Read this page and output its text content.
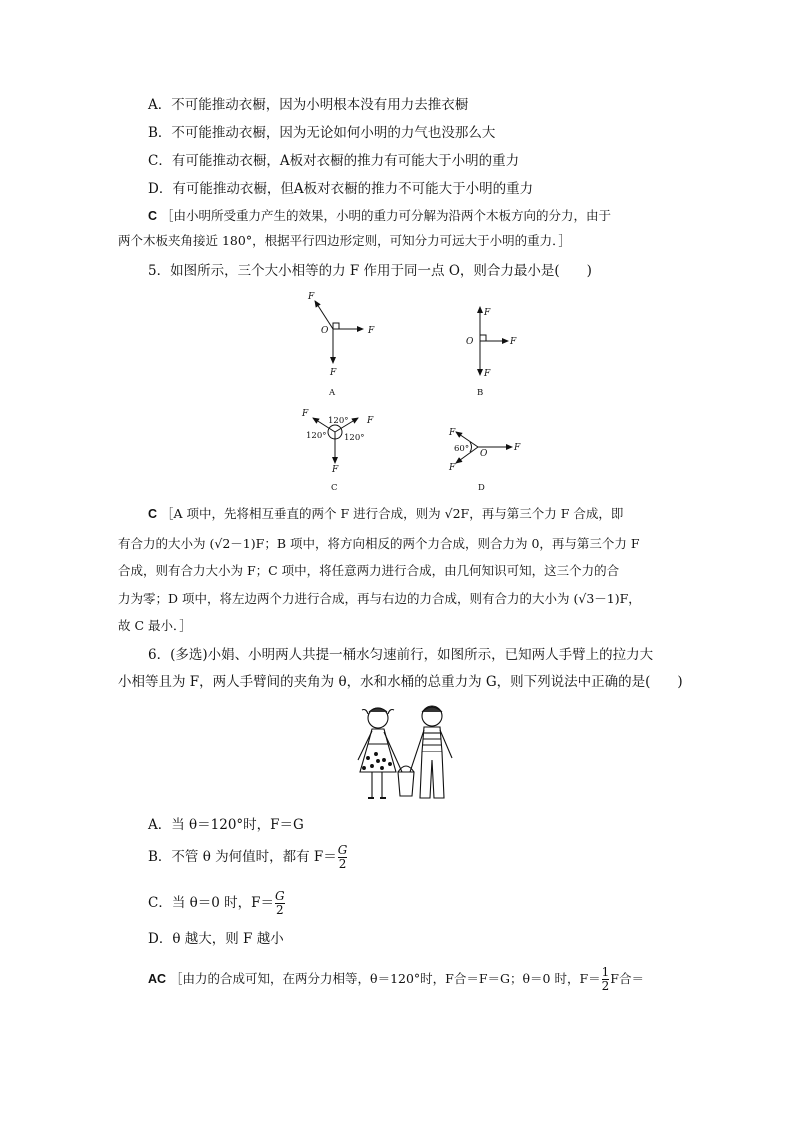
A．不可能推动衣橱，因为小明根本没有用力去推衣橱
B．不可能推动衣橱，因为无论如何小明的力气也没那么大
C．有可能推动衣橱，A板对衣橱的推力有可能大于小明的重力
D．有可能推动衣橱，但A板对衣橱的推力不可能大于小明的重力
C ［由小明所受重力产生的效果，小明的重力可分解为沿两个木板方向的分力，由于
两个木板夹角接近 180°，根据平行四边形定则，可知分力可远大于小明的重力．］
5．如图所示，三个大小相等的力 F 作用于同一点 O，则合力最小是(　　)
F
O	F
F
F
O	F
F
F
F
F
F
O
F
F
120°
120° 120°
60°
A	B
C	D
C ［A 项中，先将相互垂直的两个 F 进行合成，则为 √2F，再与第三个力 F 合成，即
有合力的大小为 (√2－1)F；B 项中，将方向相反的两个力合成，则合力为 0，再与第三个力 F
合成，则有合力大小为 F；C 项中，将任意两力进行合成，由几何知识可知，这三个力的合
力为零；D 项中，将左边两个力进行合成，再与右边的力合成，则有合力的大小为 (√3－1)F，
故 C 最小．］
6．(多选)小娟、小明两人共提一桶水匀速前行，如图所示，已知两人手臂上的拉力大
小相等且为 F，两人手臂间的夹角为 θ，水和水桶的总重力为 G，则下列说法中正确的是(　　)
A．当 θ＝120°时，F＝G
B．不管 θ 为何值时，都有 $F= \frac{G}{2}$
C．当 θ＝0 时，$F= \frac{G}{2}$
D．θ 越大，则 F 越小
AC ［由力的合成可知，在两分力相等，θ＝120°时，F合＝F＝G；θ＝0 时，$F= \frac{1}{2}$ F合＝
